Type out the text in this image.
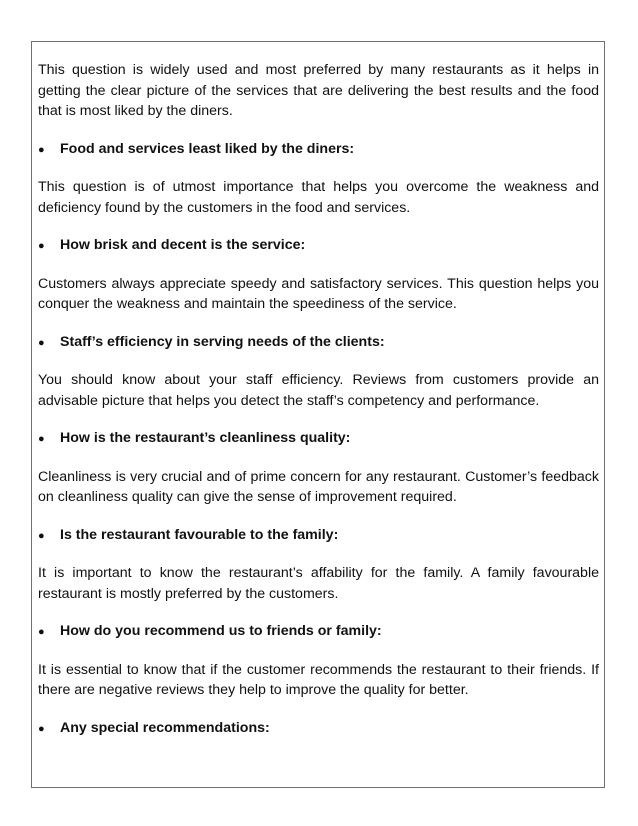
This question is widely used and most preferred by many restaurants as it helps in getting the clear picture of the services that are delivering the best results and the food that is most liked by the diners.

●	Food and services least liked by the diners:

This question is of utmost importance that helps you overcome the weakness and deficiency found by the customers in the food and services.

●	How brisk and decent is the service:

Customers always appreciate speedy and satisfactory services. This question helps you conquer the weakness and maintain the speediness of the service.

●	Staff’s efficiency in serving needs of the clients:

You should know about your staff efficiency. Reviews from customers provide an advisable picture that helps you detect the staff’s competency and performance.

●	How is the restaurant’s cleanliness quality:

Cleanliness is very crucial and of prime concern for any restaurant. Customer’s feedback on cleanliness quality can give the sense of improvement required.

●	Is the restaurant favourable to the family:

It is important to know the restaurant’s affability for the family. A family favourable restaurant is mostly preferred by the customers.

●	How do you recommend us to friends or family:

It is essential to know that if the customer recommends the restaurant to their friends. If there are negative reviews they help to improve the quality for better.

●	Any special recommendations:
